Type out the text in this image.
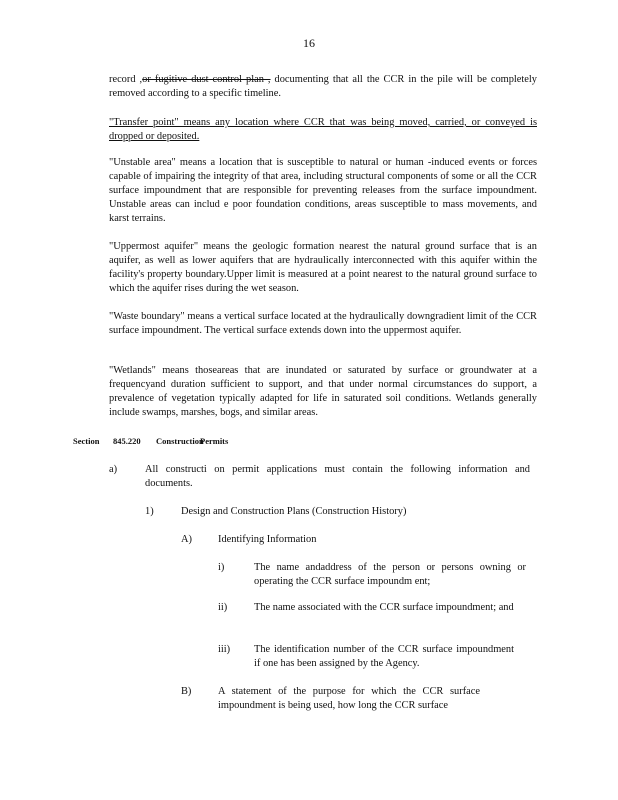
16
record ,or fugitive dust control plan , documenting that all the CCR in the pile will be completely removed according to a specific timeline.
"Transfer point" means any location where CCR that was being moved, carried, or conveyed is dropped or deposited.
"Unstable area" means a location that is susceptible to natural or human -induced events or forces capable of impairing the integrity of that area, including structural components of some or all the CCR surface impoundment that are responsible for preventing releases from the surface impoundment. Unstable areas can includ e poor foundation conditions, areas susceptible to mass movements, and karst terrains.
"Uppermost aquifer" means the geologic formation nearest the natural ground surface that is an aquifer, as well as lower aquifers that are hydraulically interconnected with this aquifer within the facility's property boundary.Upper limit is measured at a point nearest to the natural ground surface to which the aquifer rises during the wet season.
"Waste boundary" means a vertical surface located at the hydraulically downgradient limit of the CCR surface impoundment. The vertical surface extends down into the uppermost aquifer.
"Wetlands" means thoseareas that are inundated or saturated by surface or groundwater at a frequencyand duration sufficient to support, and that under normal circumstances do support, a prevalence of vegetation typically adapted for life in saturated soil conditions. Wetlands generally include swamps, marshes, bogs, and similar areas.
Section 845.220 ConstructionPermits
a)	All constructi on permit applications must contain the following information and documents.
1)	Design and Construction Plans (Construction History)
A)	Identifying Information
i)	The name andaddress of the person or persons owning or operating the CCR surface impoundm ent;
ii)	The name associated with the CCR surface impoundment; and
iii) The identification number of the CCR surface impoundment if one has been assigned by the Agency.
B)	A statement of the purpose for which the CCR surface impoundment is being used, how long the CCR surface
